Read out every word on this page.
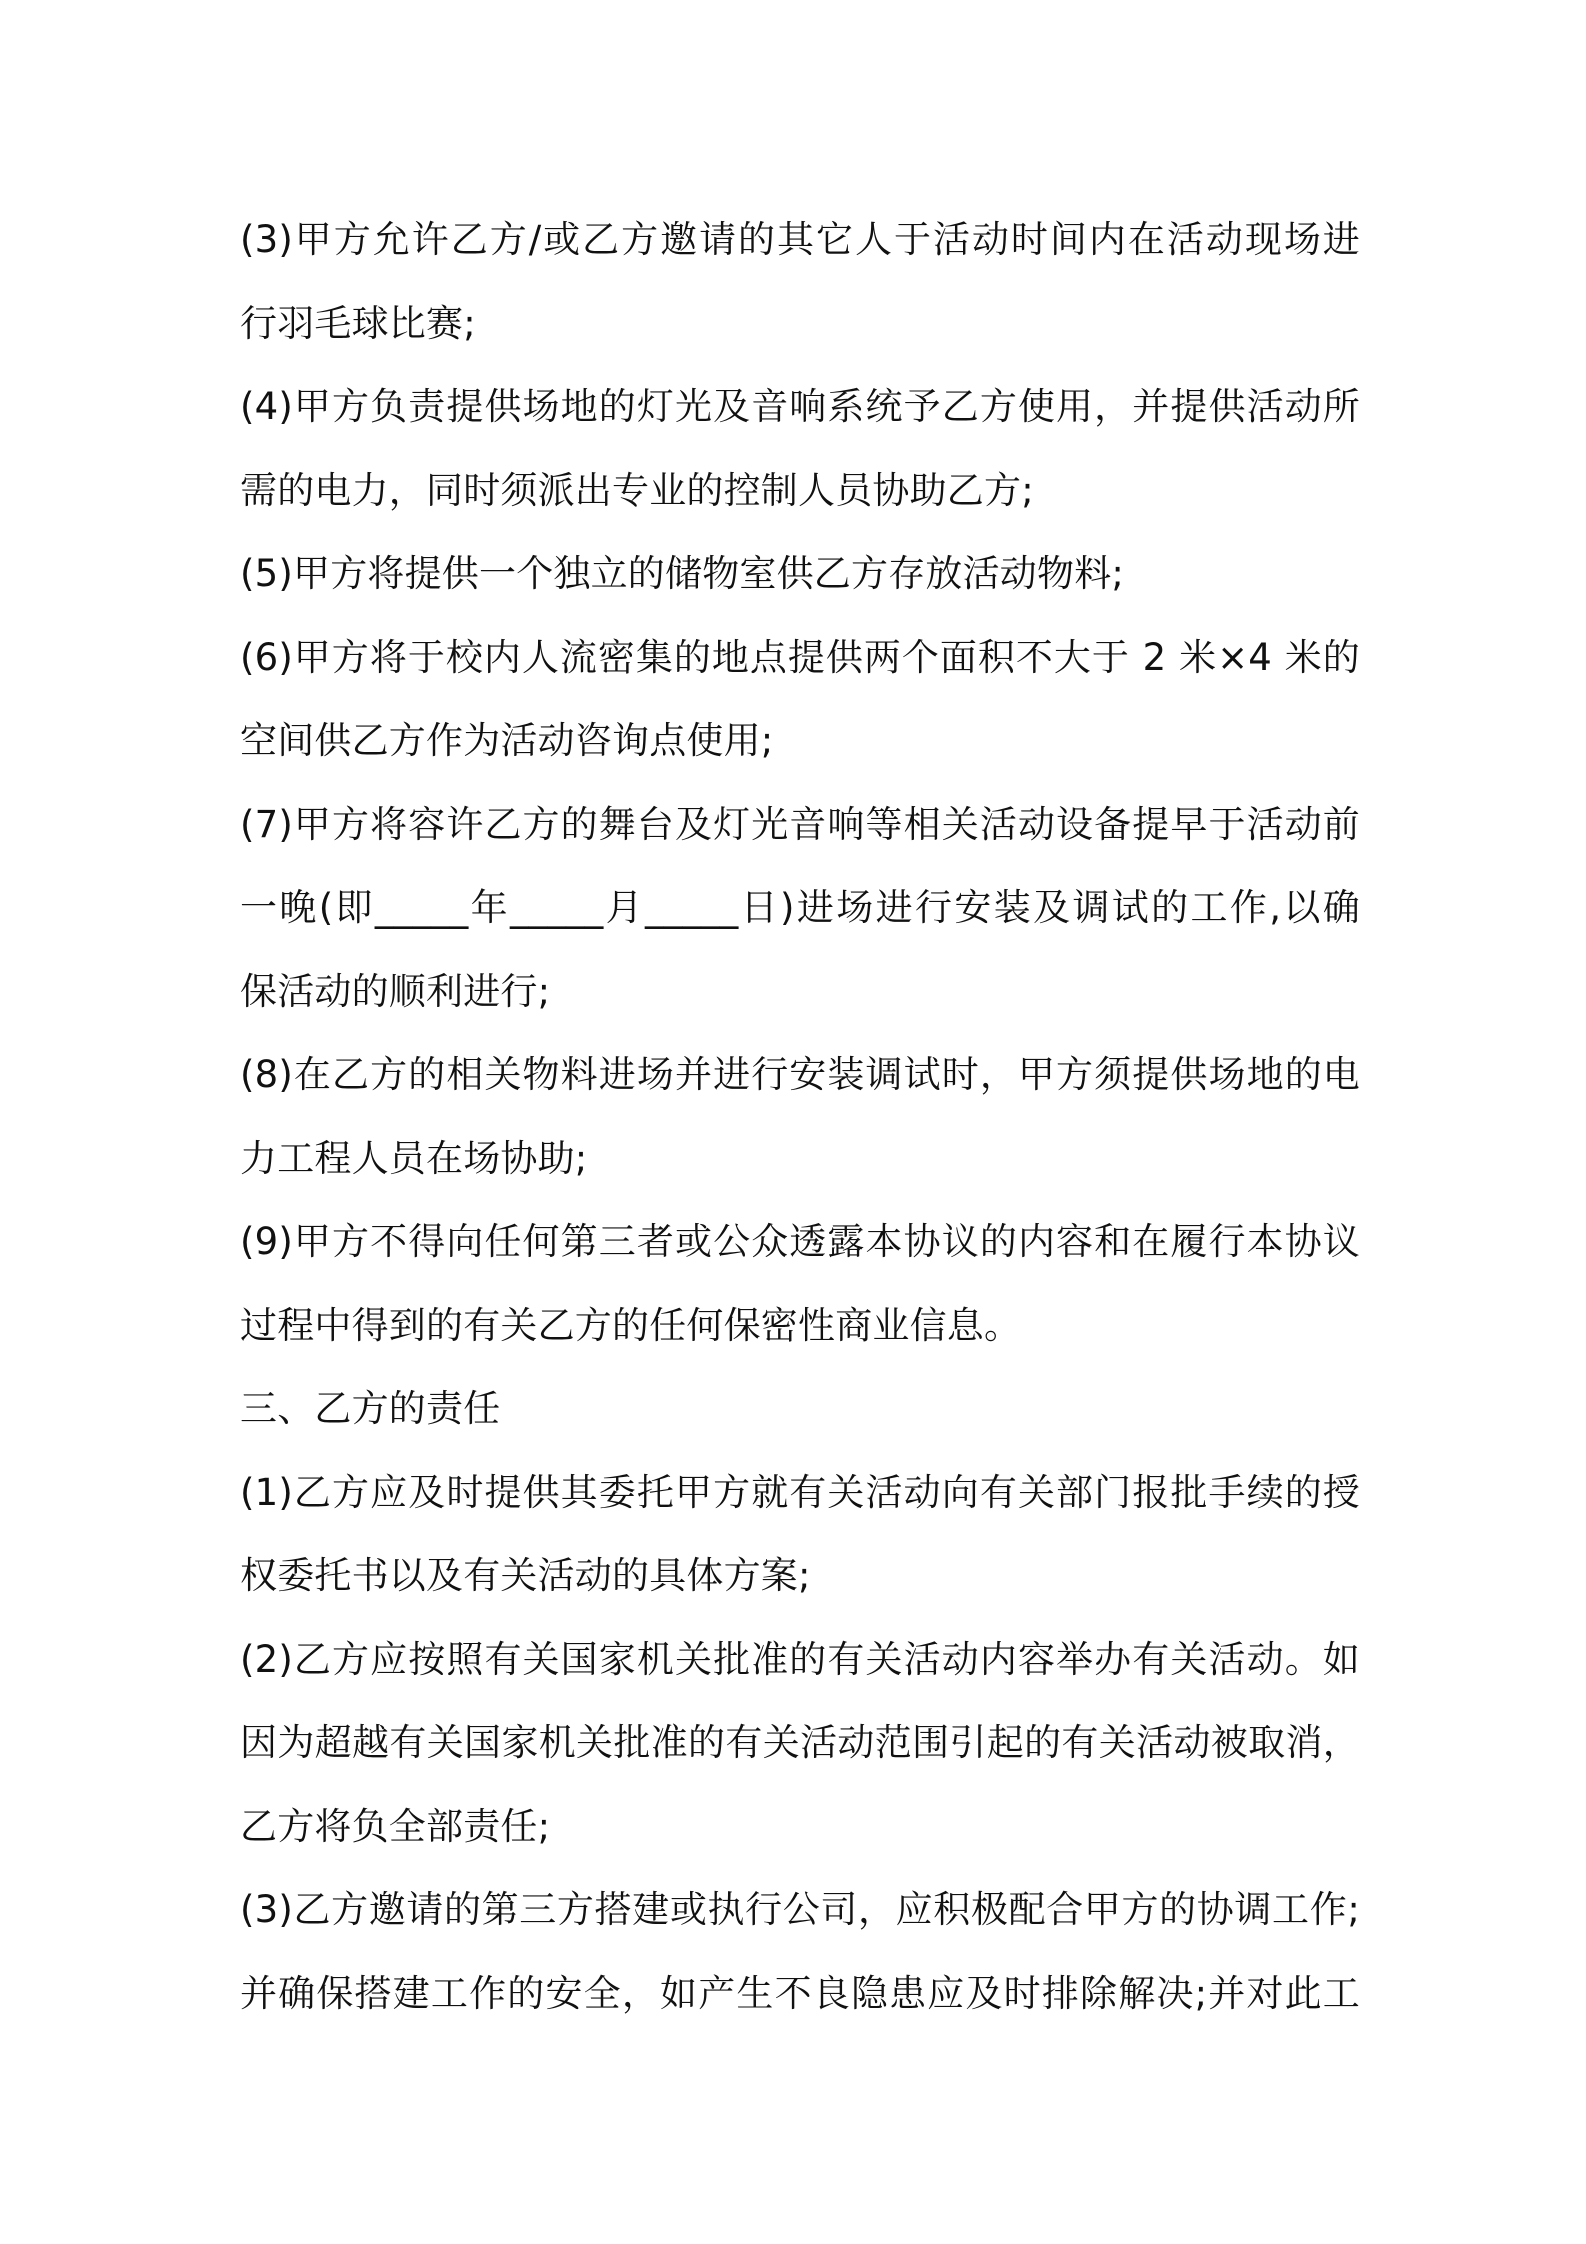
(3)甲方允许乙方/或乙方邀请的其它人于活动时间内在活动现场进
行羽毛球比赛;
(4)甲方负责提供场地的灯光及音响系统予乙方使用，并提供活动所
需的电力，同时须派出专业的控制人员协助乙方;
(5)甲方将提供一个独立的储物室供乙方存放活动物料;
(6)甲方将于校内人流密集的地点提供两个面积不大于 2 米×4 米的
空间供乙方作为活动咨询点使用;
(7)甲方将容许乙方的舞台及灯光音响等相关活动设备提早于活动前
一晚(即_____年_____月_____日)进场进行安装及调试的工作,以确
保活动的顺利进行;
(8)在乙方的相关物料进场并进行安装调试时，甲方须提供场地的电
力工程人员在场协助;
(9)甲方不得向任何第三者或公众透露本协议的内容和在履行本协议
过程中得到的有关乙方的任何保密性商业信息。
三、乙方的责任
(1)乙方应及时提供其委托甲方就有关活动向有关部门报批手续的授
权委托书以及有关活动的具体方案;
(2)乙方应按照有关国家机关批准的有关活动内容举办有关活动。如
因为超越有关国家机关批准的有关活动范围引起的有关活动被取消，
乙方将负全部责任;
(3)乙方邀请的第三方搭建或执行公司，应积极配合甲方的协调工作;
并确保搭建工作的安全，如产生不良隐患应及时排除解决;并对此工
